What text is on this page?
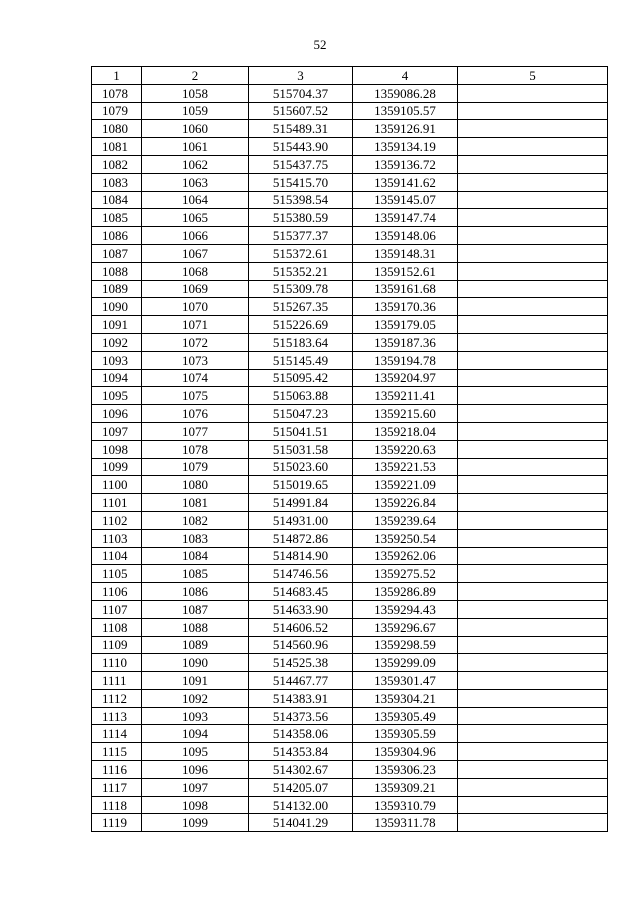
52
1	2	3	4	5
1078	1058	515704.37	1359086.28	
1079	1059	515607.52	1359105.57	
1080	1060	515489.31	1359126.91	
1081	1061	515443.90	1359134.19	
1082	1062	515437.75	1359136.72	
1083	1063	515415.70	1359141.62	
1084	1064	515398.54	1359145.07	
1085	1065	515380.59	1359147.74	
1086	1066	515377.37	1359148.06	
1087	1067	515372.61	1359148.31	
1088	1068	515352.21	1359152.61	
1089	1069	515309.78	1359161.68	
1090	1070	515267.35	1359170.36	
1091	1071	515226.69	1359179.05	
1092	1072	515183.64	1359187.36	
1093	1073	515145.49	1359194.78	
1094	1074	515095.42	1359204.97	
1095	1075	515063.88	1359211.41	
1096	1076	515047.23	1359215.60	
1097	1077	515041.51	1359218.04	
1098	1078	515031.58	1359220.63	
1099	1079	515023.60	1359221.53	
1100	1080	515019.65	1359221.09	
1101	1081	514991.84	1359226.84	
1102	1082	514931.00	1359239.64	
1103	1083	514872.86	1359250.54	
1104	1084	514814.90	1359262.06	
1105	1085	514746.56	1359275.52	
1106	1086	514683.45	1359286.89	
1107	1087	514633.90	1359294.43	
1108	1088	514606.52	1359296.67	
1109	1089	514560.96	1359298.59	
1110	1090	514525.38	1359299.09	
1111	1091	514467.77	1359301.47	
1112	1092	514383.91	1359304.21	
1113	1093	514373.56	1359305.49	
1114	1094	514358.06	1359305.59	
1115	1095	514353.84	1359304.96	
1116	1096	514302.67	1359306.23	
1117	1097	514205.07	1359309.21	
1118	1098	514132.00	1359310.79	
1119	1099	514041.29	1359311.78	
